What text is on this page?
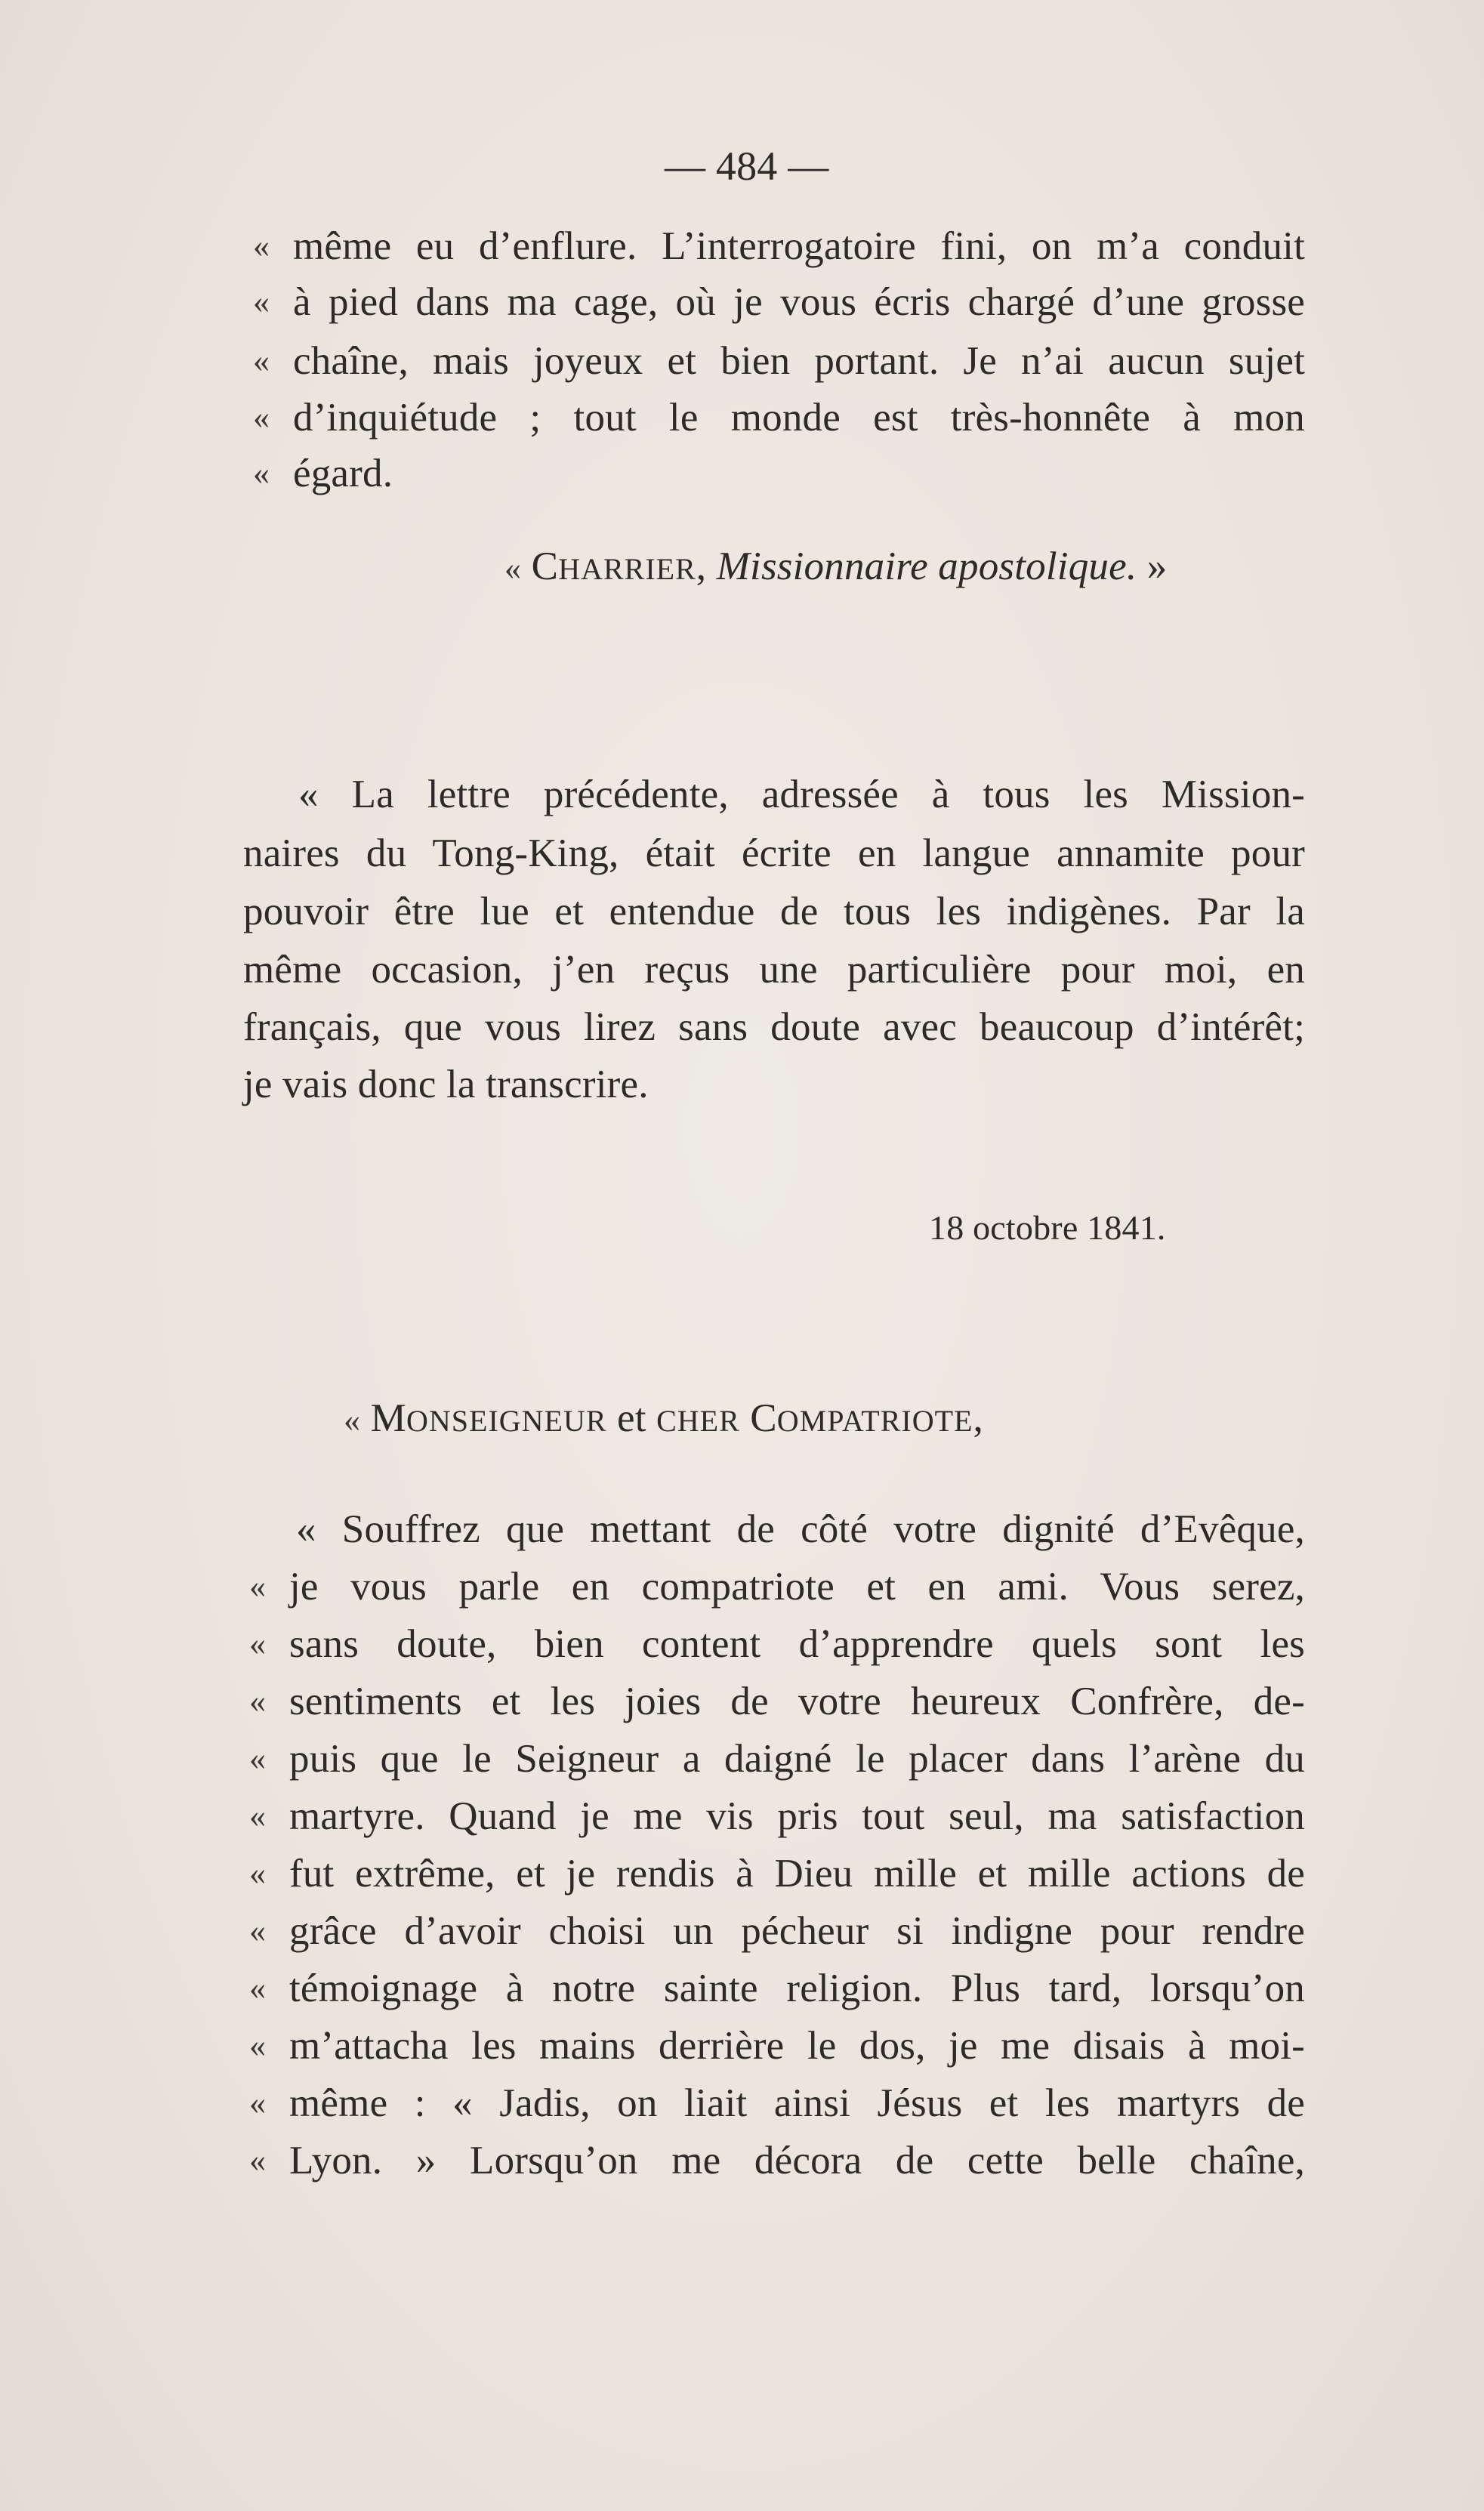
— 484 —
« même eu d’enflure. L’interrogatoire fini, on m’a conduit
« à pied dans ma cage, où je vous écris chargé d’une grosse
« chaîne, mais joyeux et bien portant. Je n’ai aucun sujet
« d’inquiétude ; tout le monde est très-honnête à mon
« égard.
« CHARRIER, Missionnaire apostolique. »
« La lettre précédente, adressée à tous les Mission-
naires du Tong-King, était écrite en langue annamite pour
pouvoir être lue et entendue de tous les indigènes. Par la
même occasion, j’en reçus une particulière pour moi, en
français, que vous lirez sans doute avec beaucoup d’intérêt;
je vais donc la transcrire.
18 octobre 1841.
« MONSEIGNEUR et CHER COMPATRIOTE,
« Souffrez que mettant de côté votre dignité d’Evêque,
« je vous parle en compatriote et en ami. Vous serez,
« sans doute, bien content d’apprendre quels sont les
« sentiments et les joies de votre heureux Confrère, de-
« puis que le Seigneur a daigné le placer dans l’arène du
« martyre. Quand je me vis pris tout seul, ma satisfaction
« fut extrême, et je rendis à Dieu mille et mille actions de
« grâce d’avoir choisi un pécheur si indigne pour rendre
« témoignage à notre sainte religion. Plus tard, lorsqu’on
« m’attacha les mains derrière le dos, je me disais à moi-
« même : « Jadis, on liait ainsi Jésus et les martyrs de
« Lyon. » Lorsqu’on me décora de cette belle chaîne,
